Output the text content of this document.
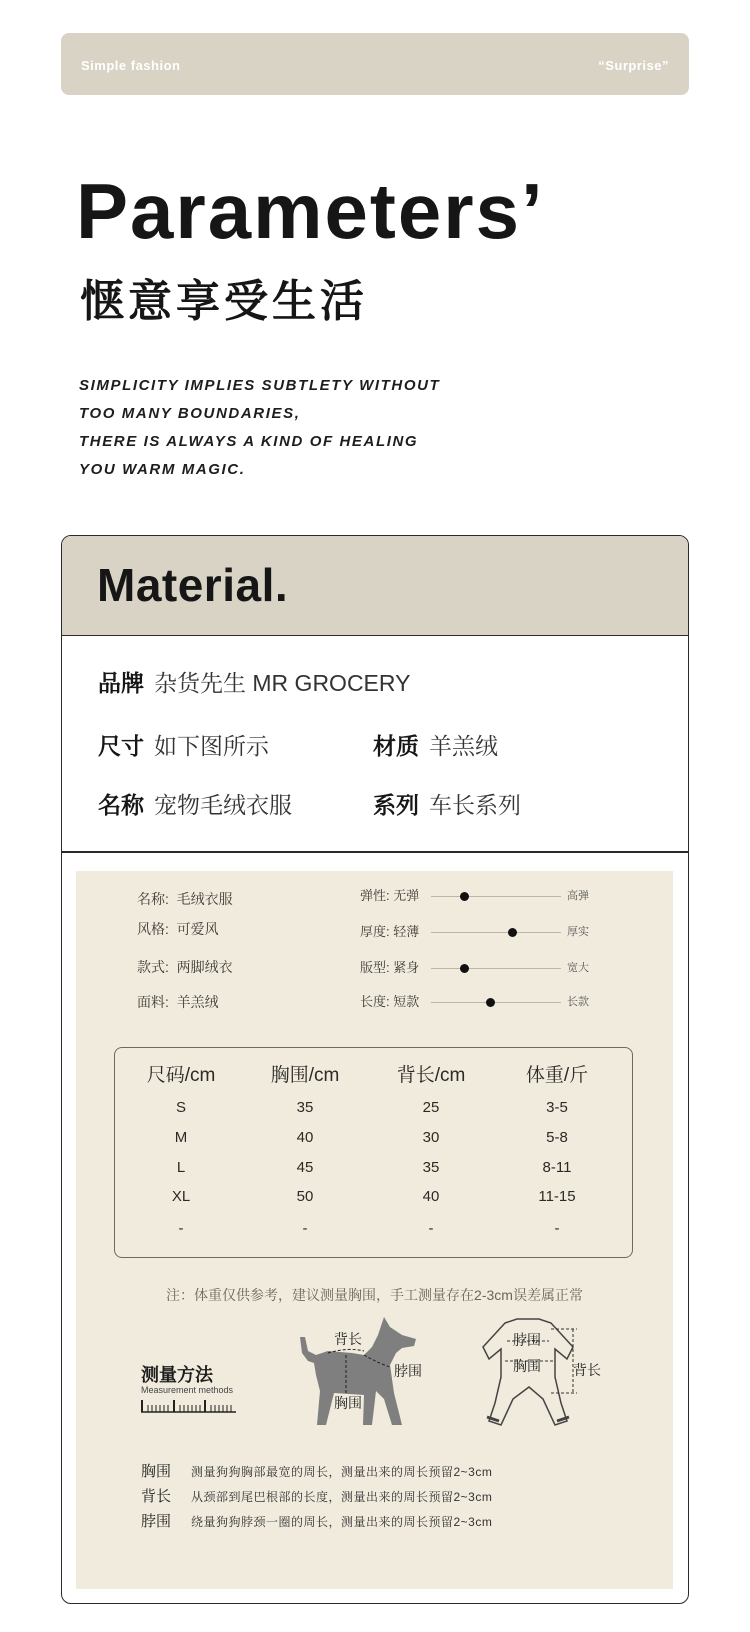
Simple fashion	“Surprise”
Parameters’
惬意享受生活
SIMPLICITY IMPLIES SUBTLETY WITHOUT
TOO MANY BOUNDARIES,
THERE IS ALWAYS A KIND OF HEALING
YOU WARM MAGIC.
Material.
品牌 杂货先生 MR GROCERY
尺寸 如下图所示	材质 羊羔绒
名称 宠物毛绒衣服	系列 车长系列
名称: 毛绒衣服
风格: 可爱风
款式: 两脚绒衣
面料: 羊羔绒
弹性: 无弹	高弹
厚度: 轻薄	厚实
版型: 紧身	宽大
长度: 短款	长款
尺码/cm	胸围/cm	背长/cm	体重/斤
S	35	25	3-5
M	40	30	5-8
L	45	35	8-11
XL	50	40	11-15
-	-	-	-
注：体重仅供参考，建议测量胸围，手工测量存在2-3cm误差属正常
测量方法
Measurement methods
背长
脖围
胸围
脖围
胸围 背长
胸围 测量狗狗胸部最宽的周长，测量出来的周长预留2~3cm
背长 从颈部到尾巴根部的长度，测量出来的周长预留2~3cm
脖围 绕量狗狗脖颈一圈的周长，测量出来的周长预留2~3cm
